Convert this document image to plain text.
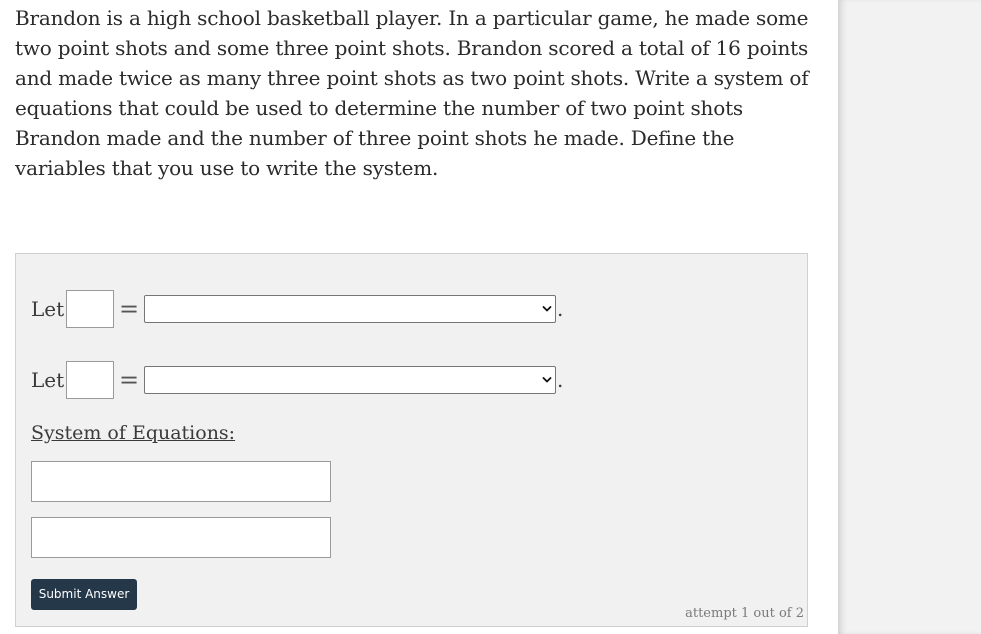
Brandon is a high school basketball player. In a particular game, he made some two point shots and some three point shots. Brandon scored a total of 16 points and made twice as many three point shots as two point shots. Write a system of equations that could be used to determine the number of two point shots Brandon made and the number of three point shots he made. Define the variables that you use to write the system.

Let =	.
Let =	.

System of Equations:

Submit Answer
attempt 1 out of 2
